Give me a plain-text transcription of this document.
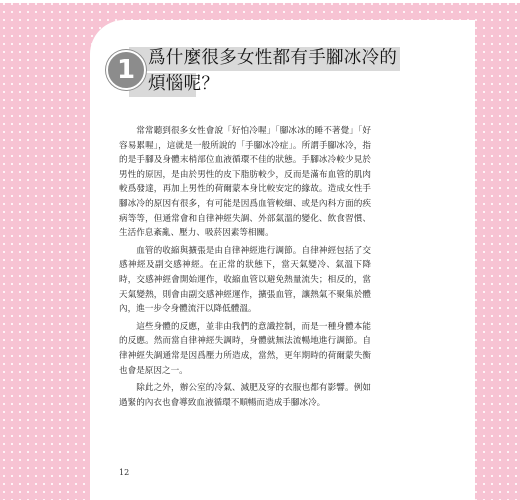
1 爲什麼很多女性都有手腳冰冷的煩惱呢？

常常聽到很多女性會說「好怕冷喔」「腳冰冰的睡不著覺」「好容易累喔」，這就是一般所說的「手腳冰冷症」。所謂手腳冰冷，指的是手腳及身體末梢部位血液循環不佳的狀態。手腳冰冷較少見於男性的原因，是由於男性的皮下脂肪較少，反而是滿布血管的肌肉較爲發達，再加上男性的荷爾蒙本身比較安定的緣故。造成女性手腳冰冷的原因有很多，有可能是因爲血管較細、或是內科方面的疾病等等，但通常會和自律神經失調、外部氣溫的變化、飲食習慣、生活作息紊亂、壓力、吸菸因素等相關。

血管的收縮與擴張是由自律神經進行調節。自律神經包括了交感神經及副交感神經。在正常的狀態下，當天氣變冷、氣溫下降時，交感神經會開始運作，收縮血管以避免熱量流失；相反的，當天氣變熱，則會由副交感神經運作，擴張血管，讓熱氣不聚集於體內，進一步令身體流汗以降低體溫。

這些身體的反應，並非由我們的意識控制，而是一種身體本能的反應。然而當自律神經失調時，身體就無法流暢地進行調節。自律神經失調通常是因爲壓力所造成，當然，更年期時的荷爾蒙失衡也會是原因之一。

除此之外，辦公室的冷氣、減肥及穿的衣服也都有影響。例如過緊的內衣也會導致血液循環不順暢而造成手腳冰冷。

12
